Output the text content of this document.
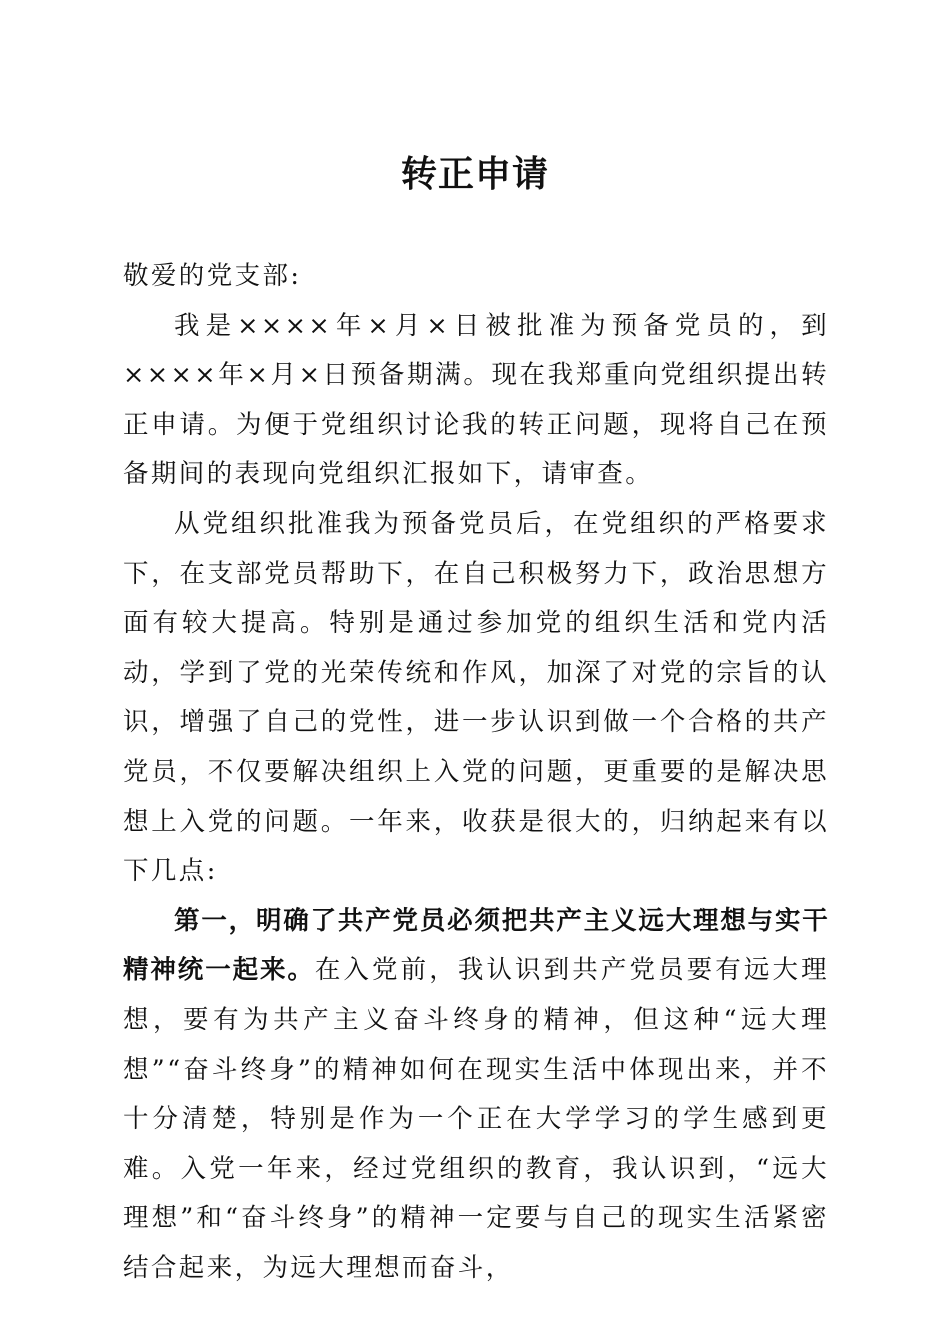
转正申请

敬爱的党支部:

我是××××年×月×日被批准为预备党员的，到××××年×月×日预备期满。现在我郑重向党组织提出转正申请。为便于党组织讨论我的转正问题，现将自己在预备期间的表现向党组织汇报如下，请审查。

从党组织批准我为预备党员后，在党组织的严格要求下，在支部党员帮助下，在自己积极努力下，政治思想方面有较大提高。特别是通过参加党的组织生活和党内活动，学到了党的光荣传统和作风，加深了对党的宗旨的认识，增强了自己的党性，进一步认识到做一个合格的共产党员，不仅要解决组织上入党的问题，更重要的是解决思想上入党的问题。一年来，收获是很大的，归纳起来有以下几点:

第一，明确了共产党员必须把共产主义远大理想与实干精神统一起来。在入党前，我认识到共产党员要有远大理想，要有为共产主义奋斗终身的精神，但这种“远大理想”“奋斗终身”的精神如何在现实生活中体现出来，并不十分清楚，特别是作为一个正在大学学习的学生感到更难。入党一年来，经过党组织的教育，我认识到，“远大理想”和“奋斗终身”的精神一定要与自己的现实生活紧密结合起来，为远大理想而奋斗，
